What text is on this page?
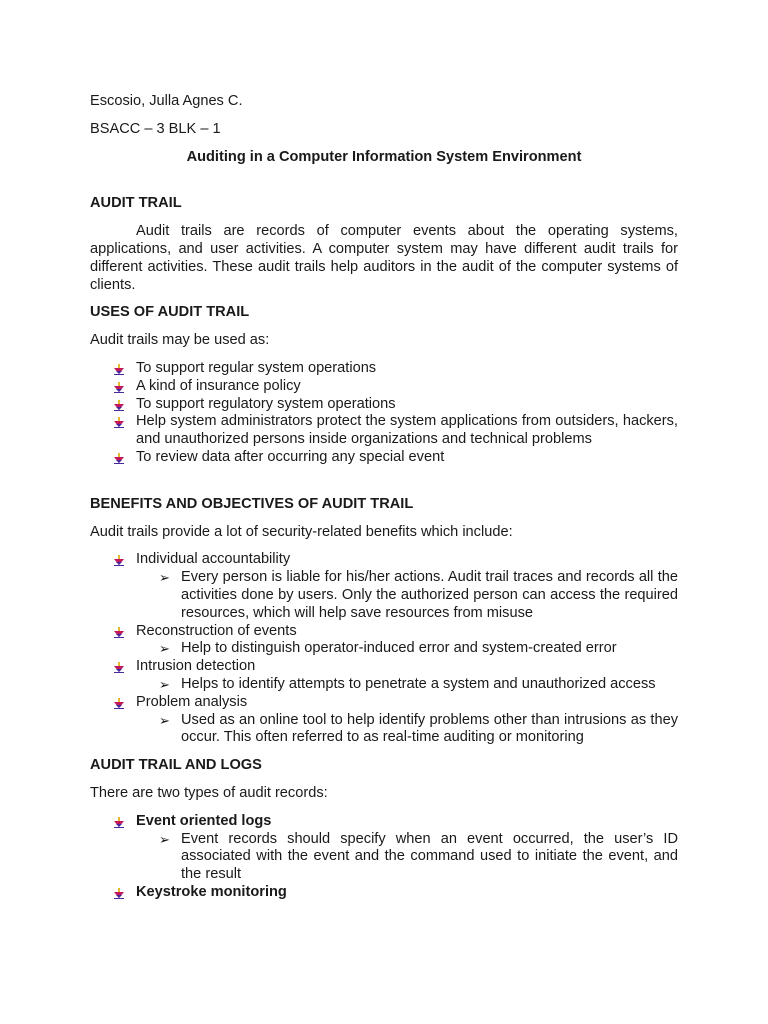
Escosio, Julla Agnes C.

BSACC – 3 BLK – 1

Auditing in a Computer Information System Environment

AUDIT TRAIL

Audit trails are records of computer events about the operating systems, applications, and user activities. A computer system may have different audit trails for different activities. These audit trails help auditors in the audit of the computer systems of clients.

USES OF AUDIT TRAIL

Audit trails may be used as:

To support regular system operations
A kind of insurance policy
To support regulatory system operations
Help system administrators protect the system applications from outsiders, hackers, and unauthorized persons inside organizations and technical problems
To review data after occurring any special event

BENEFITS AND OBJECTIVES OF AUDIT TRAIL

Audit trails provide a lot of security-related benefits which include:

Individual accountability
➢ Every person is liable for his/her actions. Audit trail traces and records all the activities done by users. Only the authorized person can access the required resources, which will help save resources from misuse
Reconstruction of events
➢ Help to distinguish operator-induced error and system-created error
Intrusion detection
➢ Helps to identify attempts to penetrate a system and unauthorized access
Problem analysis
➢ Used as an online tool to help identify problems other than intrusions as they occur. This often referred to as real-time auditing or monitoring

AUDIT TRAIL AND LOGS

There are two types of audit records:

Event oriented logs
➢ Event records should specify when an event occurred, the user’s ID associated with the event and the command used to initiate the event, and the result
Keystroke monitoring
